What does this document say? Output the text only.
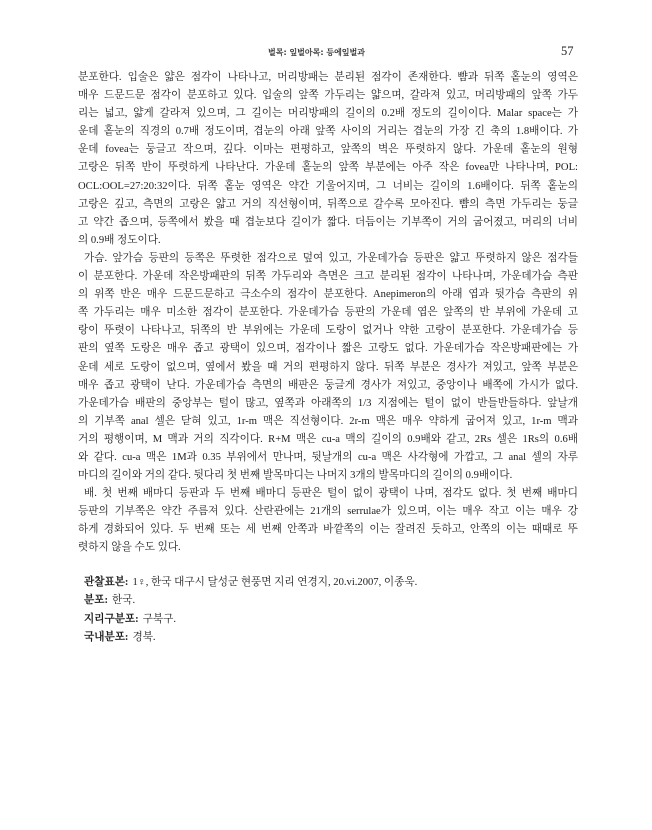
벌목: 잎벌아목: 등에잎벌과	57
분포한다. 입술은 얇은 점각이 나타나고, 머리방패는 분리된 점각이 존재한다. 뺨과 뒤쪽 홑눈의 영역은
매우 드문드문 점각이 분포하고 있다. 입술의 앞쪽 가두리는 얇으며, 갈라져 있고, 머리방패의 앞쪽 가두
리는 넓고, 얇게 갈라져 있으며, 그 길이는 머리방패의 길이의 0.2배 정도의 길이이다. Malar space는 가
운데 홑눈의 직경의 0.7배 정도이며, 겹눈의 아래 앞쪽 사이의 거리는 겹눈의 가장 긴 축의 1.8배이다. 가
운데 fovea는 둥글고 작으며, 깊다. 이마는 편평하고, 앞쪽의 벽은 뚜렷하지 않다. 가운데 홑눈의 원형
고랑은 뒤쪽 반이 뚜렷하게 나타난다. 가운데 홑눈의 앞쪽 부분에는 아주 작은 fovea만 나타나며, POL:
OCL:OOL=27:20:32이다. 뒤쪽 홑눈 영역은 약간 기울어지며, 그 너비는 길이의 1.6배이다. 뒤쪽 홑눈의
고랑은 깊고, 측면의 고랑은 얇고 거의 직선형이며, 뒤쪽으로 갈수록 모아진다. 뺨의 측면 가두리는 둥글
고 약간 좁으며, 등쪽에서 봤을 때 겹눈보다 길이가 짧다. 더듬이는 기부쪽이 거의 굽어졌고, 머리의 너비
의 0.9배 정도이다.
가슴. 앞가슴 등판의 등쪽은 뚜렷한 점각으로 덮여 있고, 가운데가슴 등판은 얇고 뚜렷하지 않은 점각들
이 분포한다. 가운데 작은방패판의 뒤쪽 가두리와 측면은 크고 분리된 점각이 나타나며, 가운데가슴 측판
의 위쪽 반은 매우 드문드문하고 극소수의 점각이 분포한다. Anepimeron의 아래 엽과 뒷가슴 측판의 위
쪽 가두리는 매우 미소한 점각이 분포한다. 가운데가슴 등판의 가운데 엽은 앞쪽의 반 부위에 가운데 고
랑이 뚜렷이 나타나고, 뒤쪽의 반 부위에는 가운데 도랑이 없거나 약한 고랑이 분포한다. 가운데가슴 등
판의 옆쪽 도랑은 매우 좁고 광택이 있으며, 점각이나 짧은 고랑도 없다. 가운데가슴 작은방패판에는 가
운데 세로 도랑이 없으며, 옆에서 봤을 때 거의 편평하지 않다. 뒤쪽 부분은 경사가 져있고, 앞쪽 부분은
매우 좁고 광택이 난다. 가운데가슴 측면의 배판은 둥글게 경사가 져있고, 중앙이나 배쪽에 가시가 없다.
가운데가슴 배판의 중앙부는 털이 많고, 옆쪽과 아래쪽의 1/3 지점에는 털이 없이 반들반들하다. 앞날개
의 기부쪽 anal 셀은 닫혀 있고, 1r-m 맥은 직선형이다. 2r-m 맥은 매우 약하게 굽어져 있고, 1r-m 맥과
거의 평행이며, M 맥과 거의 직각이다. R+M 맥은 cu-a 맥의 길이의 0.9배와 같고, 2Rs 셀은 1Rs의 0.6배
와 같다. cu-a 맥은 1M과 0.35 부위에서 만나며, 뒷날개의 cu-a 맥은 사각형에 가깝고, 그 anal 셀의 자루
마디의 길이와 거의 같다. 뒷다리 첫 번째 발목마디는 나머지 3개의 발목마디의 길이의 0.9배이다.
배. 첫 번째 배마디 등판과 두 번째 배마디 등판은 털이 없이 광택이 나며, 점각도 없다. 첫 번째 배마디
등판의 기부쪽은 약간 주름져 있다. 산란관에는 21개의 serrulae가 있으며, 이는 매우 작고 이는 매우 강
하게 경화되어 있다. 두 번째 또는 세 번째 안쪽과 바깥쪽의 이는 잘려진 듯하고, 안쪽의 이는 때때로 뚜
렷하지 않을 수도 있다.
관찰표본: 1♀, 한국 대구시 달성군 현풍면 지리 연경지, 20.vi.2007, 이종욱.
분포: 한국.
지리구분포: 구북구.
국내분포: 경북.
